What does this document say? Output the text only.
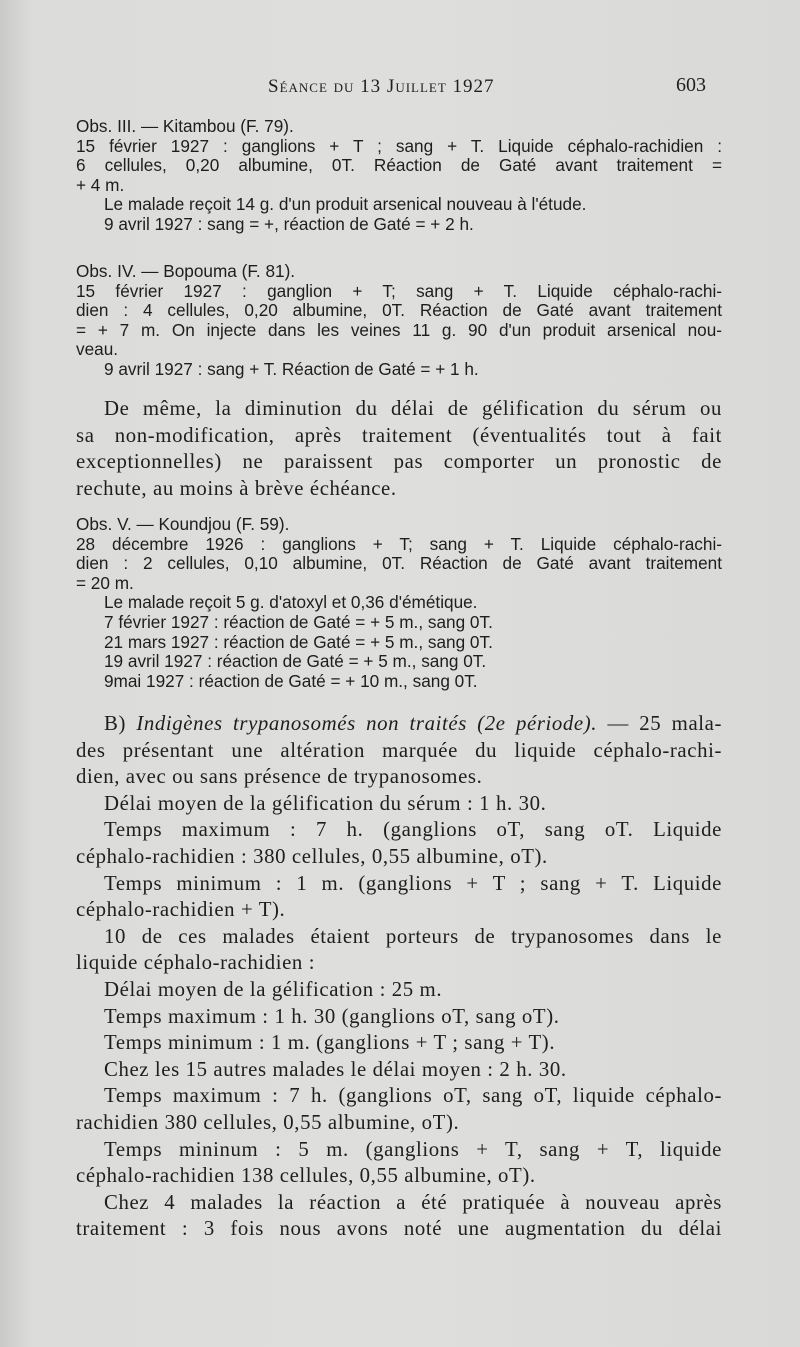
Séance du 13 Juillet 1927	603
Obs. III. — Kitambou (F. 79).
15 février 1927 : ganglions + T ; sang + T. Liquide céphalo-rachidien :
6 cellules, 0,20 albumine, 0T. Réaction de Gaté avant traitement =
+ 4 m.
Le malade reçoit 14 g. d'un produit arsenical nouveau à l'étude.
9 avril 1927 : sang = +, réaction de Gaté = + 2 h.
Obs. IV. — Bopouma (F. 81).
15 février 1927 : ganglion + T; sang + T. Liquide céphalo-rachi-
dien : 4 cellules, 0,20 albumine, 0T. Réaction de Gaté avant traitement
= + 7 m. On injecte dans les veines 11 g. 90 d'un produit arsenical nou-
veau.
9 avril 1927 : sang + T. Réaction de Gaté = + 1 h.
De même, la diminution du délai de gélification du sérum ou
sa non-modification, après traitement (éventualités tout à fait
exceptionnelles) ne paraissent pas comporter un pronostic de
rechute, au moins à brève échéance.
Obs. V. — Koundjou (F. 59).
28 décembre 1926 : ganglions + T; sang + T. Liquide céphalo-rachi-
dien : 2 cellules, 0,10 albumine, 0T. Réaction de Gaté avant traitement
= 20 m.
Le malade reçoit 5 g. d'atoxyl et 0,36 d'émétique.
7 février 1927 : réaction de Gaté = + 5 m., sang 0T.
21 mars 1927 : réaction de Gaté = + 5 m., sang 0T.
19 avril 1927 : réaction de Gaté = + 5 m., sang 0T.
9mai 1927 : réaction de Gaté = + 10 m., sang 0T.
B) Indigènes trypanosomés non traités (2e période). — 25 mala-
des présentant une altération marquée du liquide céphalo-rachi-
dien, avec ou sans présence de trypanosomes.
Délai moyen de la gélification du sérum : 1 h. 30.
Temps maximum : 7 h. (ganglions oT, sang oT. Liquide
céphalo-rachidien : 380 cellules, 0,55 albumine, oT).
Temps minimum : 1 m. (ganglions + T ; sang + T. Liquide
céphalo-rachidien + T).
10 de ces malades étaient porteurs de trypanosomes dans le
liquide céphalo-rachidien :
Délai moyen de la gélification : 25 m.
Temps maximum : 1 h. 30 (ganglions oT, sang oT).
Temps minimum : 1 m. (ganglions + T ; sang + T).
Chez les 15 autres malades le délai moyen : 2 h. 30.
Temps maximum : 7 h. (ganglions oT, sang oT, liquide céphalo-
rachidien 380 cellules, 0,55 albumine, oT).
Temps mininum : 5 m. (ganglions + T, sang + T, liquide
céphalo-rachidien 138 cellules, 0,55 albumine, oT).
Chez 4 malades la réaction a été pratiquée à nouveau après
traitement : 3 fois nous avons noté une augmentation du délai
